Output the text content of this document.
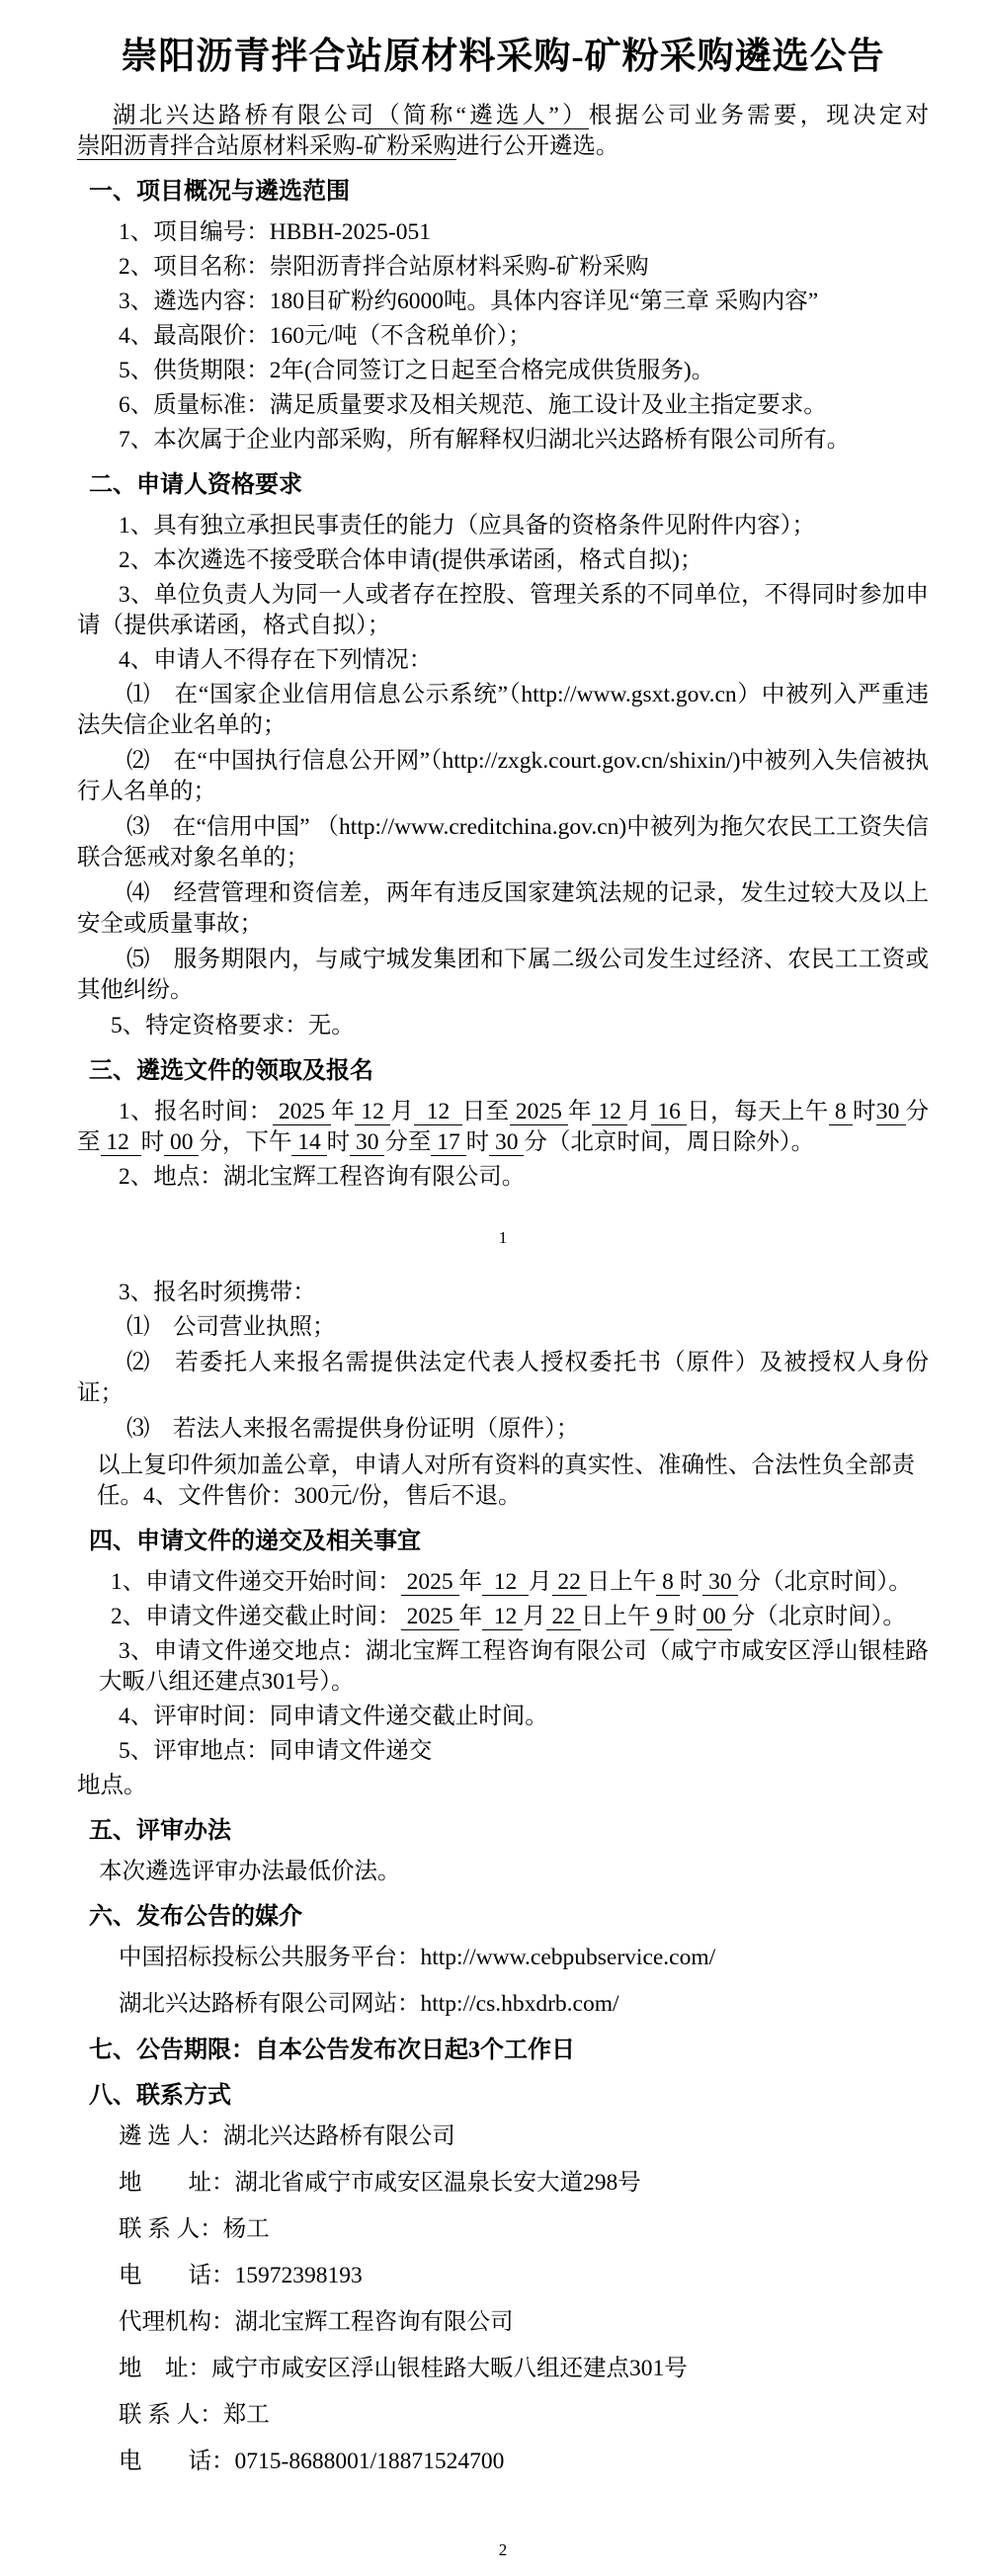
崇阳沥青拌合站原材料采购-矿粉采购遴选公告

湖北兴达路桥有限公司（简称“遴选人”）根据公司业务需要，现决定对崇阳沥青拌合站原材料采购-矿粉采购进行公开遴选。

一、项目概况与遴选范围

1、项目编号：HBBH-2025-051

2、项目名称：崇阳沥青拌合站原材料采购-矿粉采购

3、遴选内容：180目矿粉约6000吨。具体内容详见“第三章 采购内容”

4、最高限价：160元/吨（不含税单价）；

5、供货期限：2年(合同签订之日起至合格完成供货服务)。

6、质量标准：满足质量要求及相关规范、施工设计及业主指定要求。

7、本次属于企业内部采购，所有解释权归湖北兴达路桥有限公司所有。

二、申请人资格要求

1、具有独立承担民事责任的能力（应具备的资格条件见附件内容）；

2、本次遴选不接受联合体申请(提供承诺函，格式自拟)；

3、单位负责人为同一人或者存在控股、管理关系的不同单位，不得同时参加申请（提供承诺函，格式自拟）；

4、申请人不得存在下列情况：

⑴　在“国家企业信用信息公示系统”（http://www.gsxt.gov.cn）中被列入严重违法失信企业名单的；

⑵　在“中国执行信息公开网”（http://zxgk.court.gov.cn/shixin/)中被列入失信被执行人名单的；

⑶　在“信用中国” （http://www.creditchina.gov.cn)中被列为拖欠农民工工资失信联合惩戒对象名单的；

⑷　经营管理和资信差，两年有违反国家建筑法规的记录，发生过较大及以上安全或质量事故；

⑸　服务期限内，与咸宁城发集团和下属二级公司发生过经济、农民工工资或其他纠纷。

5、特定资格要求：无。

三、遴选文件的领取及报名

1、报名时间： 2025 年 12 月  12  日至 2025 年 12 月 16 日，每天上午 8 时30 分至 12  时 00 分，下午 14 时 30 分至 17 时 30 分（北京时间，周日除外）。

2、地点：湖北宝辉工程咨询有限公司。

1

3、报名时须携带：

⑴　公司营业执照；

⑵　若委托人来报名需提供法定代表人授权委托书（原件）及被授权人身份证；

⑶　若法人来报名需提供身份证明（原件）；

以上复印件须加盖公章，申请人对所有资料的真实性、准确性、合法性负全部责任。4、文件售价：300元/份，售后不退。

四、申请文件的递交及相关事宜

1、申请文件递交开始时间： 2025 年  12  月 22 日上午 8 时 30 分（北京时间）。

2、申请文件递交截止时间： 2025 年  12 月 22 日上午 9 时 00 分（北京时间）。

3、申请文件递交地点：湖北宝辉工程咨询有限公司（咸宁市咸安区浮山银桂路大畈八组还建点301号）。

4、评审时间：同申请文件递交截止时间。

5、评审地点：同申请文件递交

地点。

五、评审办法

本次遴选评审办法最低价法。

六、发布公告的媒介

中国招标投标公共服务平台：http://www.cebpubservice.com/

湖北兴达路桥有限公司网站：http://cs.hbxdrb.com/

七、公告期限：自本公告发布次日起3个工作日
八、联系方式

遴 选 人：湖北兴达路桥有限公司

地　　址：湖北省咸宁市咸安区温泉长安大道298号

联 系 人：杨工

电　　话：15972398193

代理机构：湖北宝辉工程咨询有限公司

地　址：咸宁市咸安区浮山银桂路大畈八组还建点301号

联 系 人：郑工

电　　话：0715-8688001/18871524700

2
